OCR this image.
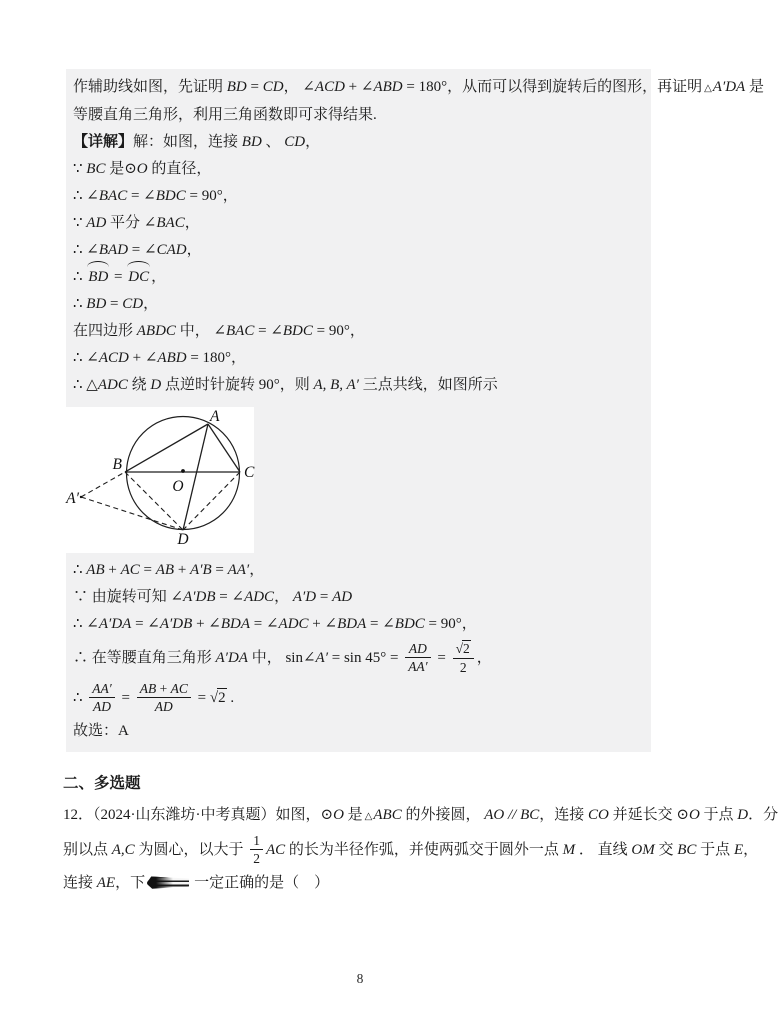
作辅助线如图，先证明 BD = CD， ∠ACD + ∠ABD = 180°，从而可以得到旋转后的图形，再证明 △A′DA 是
等腰直角三角形，利用三角函数即可求得结果.
【详解】解：如图，连接 BD 、 CD，
∵ BC 是⊙O 的直径，
∴ ∠BAC = ∠BDC = 90°，
∵ AD 平分 ∠BAC，
∴ ∠BAD = ∠CAD，
∴ BD = DC ，
∴ BD = CD，
在四边形 ABDC 中， ∠BAC = ∠BDC = 90°，
∴ ∠ACD + ∠ABD = 180°，
∴ △ADC 绕 D 点逆时针旋转 90°，则 A, B, A′ 三点共线，如图所示
A
B	C
O
D
A′
∴ AB + AC = AB + A′B = AA′，
∵ 由旋转可知 ∠A′DB = ∠ADC， A′D = AD
∴ ∠A′DA = ∠A′DB + ∠BDA = ∠ADC + ∠BDA = ∠BDC = 90°，
∴ 在等腰直角三角形 A′DA 中， sin∠A′ = $\sin 45^\circ = \frac{AD}{AA'} = \frac{√2}{2}$ ，
∴ $\frac{AA'}{AD} = \frac{AB + AC}{AD} = √2$ .
故选：A
二、多选题
12．（2024·山东潍坊·中考真题）如图，⊙O 是 △ABC 的外接圆， AO // BC，连接 CO 并延长交 ⊙O 于点 D．分
别以点 A,C 为圆心，以大于 $\frac{1}{2}$ AC 的长为半径作弧，并使两弧交于圆外一点 M ． 直线 OM 交 BC 于点 E，
连接 AE，下	一定正确的是（　）
8
